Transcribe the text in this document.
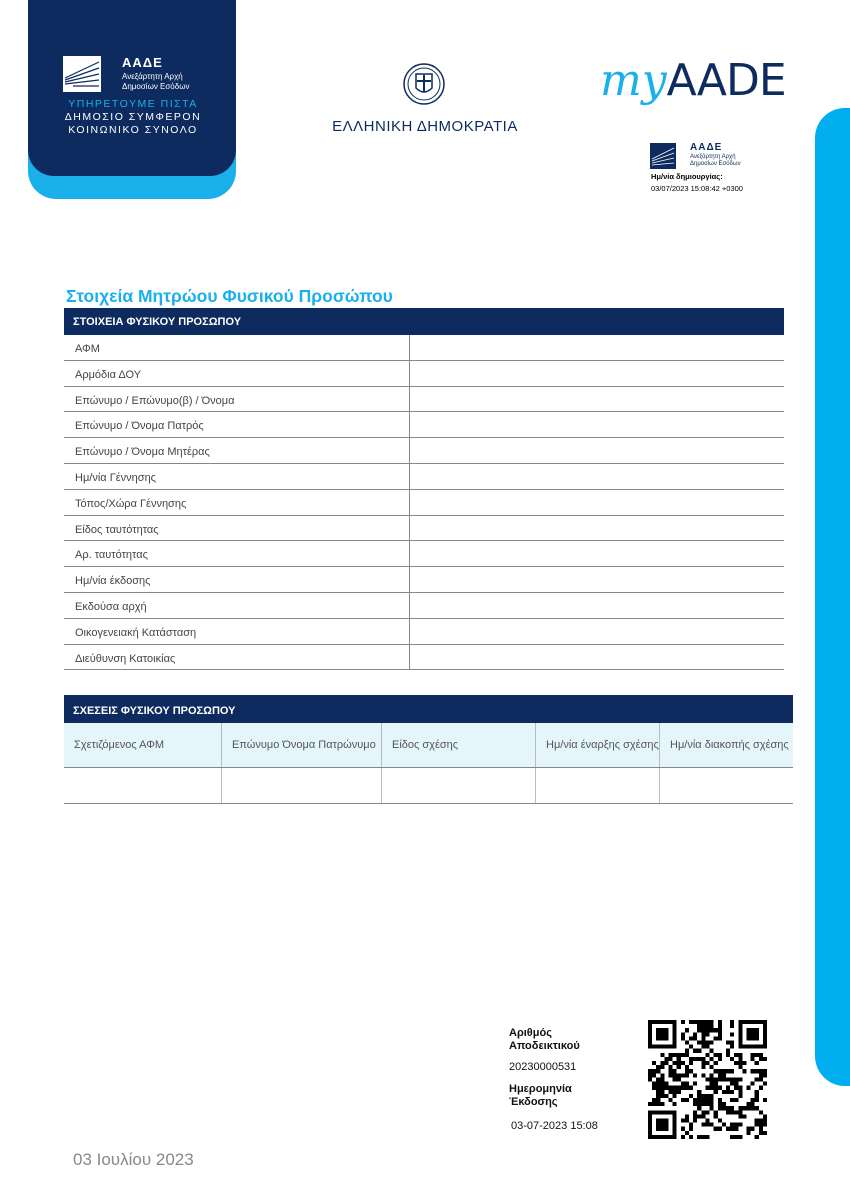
ΑΑΔΕ
Ανεξάρτητη Αρχή
Δημοσίων Εσόδων
ΥΠΗΡΕΤΟΥΜΕ ΠΙΣΤΑ
ΔΗΜΟΣΙΟ ΣΥΜΦΕΡΟΝ
ΚΟΙΝΩΝΙΚΟ ΣΥΝΟΛΟ	ΕΛΛΗΝΙΚΗ ΔΗΜΟΚΡΑΤΙΑ
myAADE
ΑΑΔΕ
Ανεξάρτητη Αρχή
Δημοσίων Εσόδων
Ημ/νία δημιουργίας:
03/07/2023 15:08:42 +0300
Στοιχεία Μητρώου Φυσικού Προσώπου
ΣΤΟΙΧΕΙΑ ΦΥΣΙΚΟΥ ΠΡΟΣΩΠΟΥ
ΑΦΜ
Αρμόδια ΔΟΥ
Επώνυμο / Επώνυμο(β) / Όνομα
Επώνυμο / Όνομα Πατρός
Επώνυμο / Όνομα Μητέρας
Ημ/νία Γέννησης
Τόπος/Χώρα Γέννησης
Είδος ταυτότητας
Αρ. ταυτότητας
Ημ/νία έκδοσης
Εκδούσα αρχή
Οικογενειακή Κατάσταση
Διεύθυνση Κατοικίας
ΣΧΕΣΕΙΣ ΦΥΣΙΚΟΥ ΠΡΟΣΩΠΟΥ
Σχετιζόμενος ΑΦΜ	Επώνυμο Όνομα Πατρώνυμο	Είδος σχέσης	Ημ/νία έναρξης σχέσης	Ημ/νία διακοπής σχέσης
Αριθμός Αποδεικτικού
20230000531
Ημερομηνία Έκδοσης
03-07-2023 15:08
03 Ιουλίου 2023
